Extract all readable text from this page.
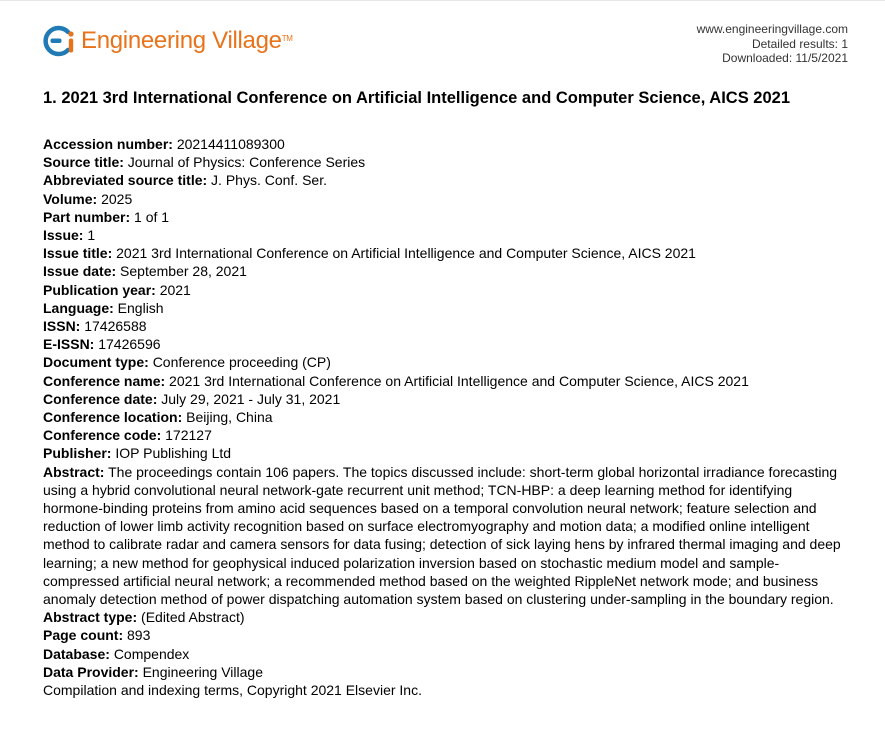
Engineering Village™
www.engineeringvillage.com
Detailed results: 1
Downloaded: 11/5/2021
1. 2021 3rd International Conference on Artificial Intelligence and Computer Science, AICS 2021
Accession number: 20214411089300
Source title: Journal of Physics: Conference Series
Abbreviated source title: J. Phys. Conf. Ser.
Volume: 2025
Part number: 1 of 1
Issue: 1
Issue title: 2021 3rd International Conference on Artificial Intelligence and Computer Science, AICS 2021
Issue date: September 28, 2021
Publication year: 2021
Language: English
ISSN: 17426588
E-ISSN: 17426596
Document type: Conference proceeding (CP)
Conference name: 2021 3rd International Conference on Artificial Intelligence and Computer Science, AICS 2021
Conference date: July 29, 2021 - July 31, 2021
Conference location: Beijing, China
Conference code: 172127
Publisher: IOP Publishing Ltd
Abstract: The proceedings contain 106 papers. The topics discussed include: short-term global horizontal irradiance forecasting using a hybrid convolutional neural network-gate recurrent unit method; TCN-HBP: a deep learning method for identifying hormone-binding proteins from amino acid sequences based on a temporal convolution neural network; feature selection and reduction of lower limb activity recognition based on surface electromyography and motion data; a modified online intelligent method to calibrate radar and camera sensors for data fusing; detection of sick laying hens by infrared thermal imaging and deep learning; a new method for geophysical induced polarization inversion based on stochastic medium model and sample-compressed artificial neural network; a recommended method based on the weighted RippleNet network mode; and business anomaly detection method of power dispatching automation system based on clustering under-sampling in the boundary region.
Abstract type: (Edited Abstract)
Page count: 893
Database: Compendex
Data Provider: Engineering Village
Compilation and indexing terms, Copyright 2021 Elsevier Inc.
